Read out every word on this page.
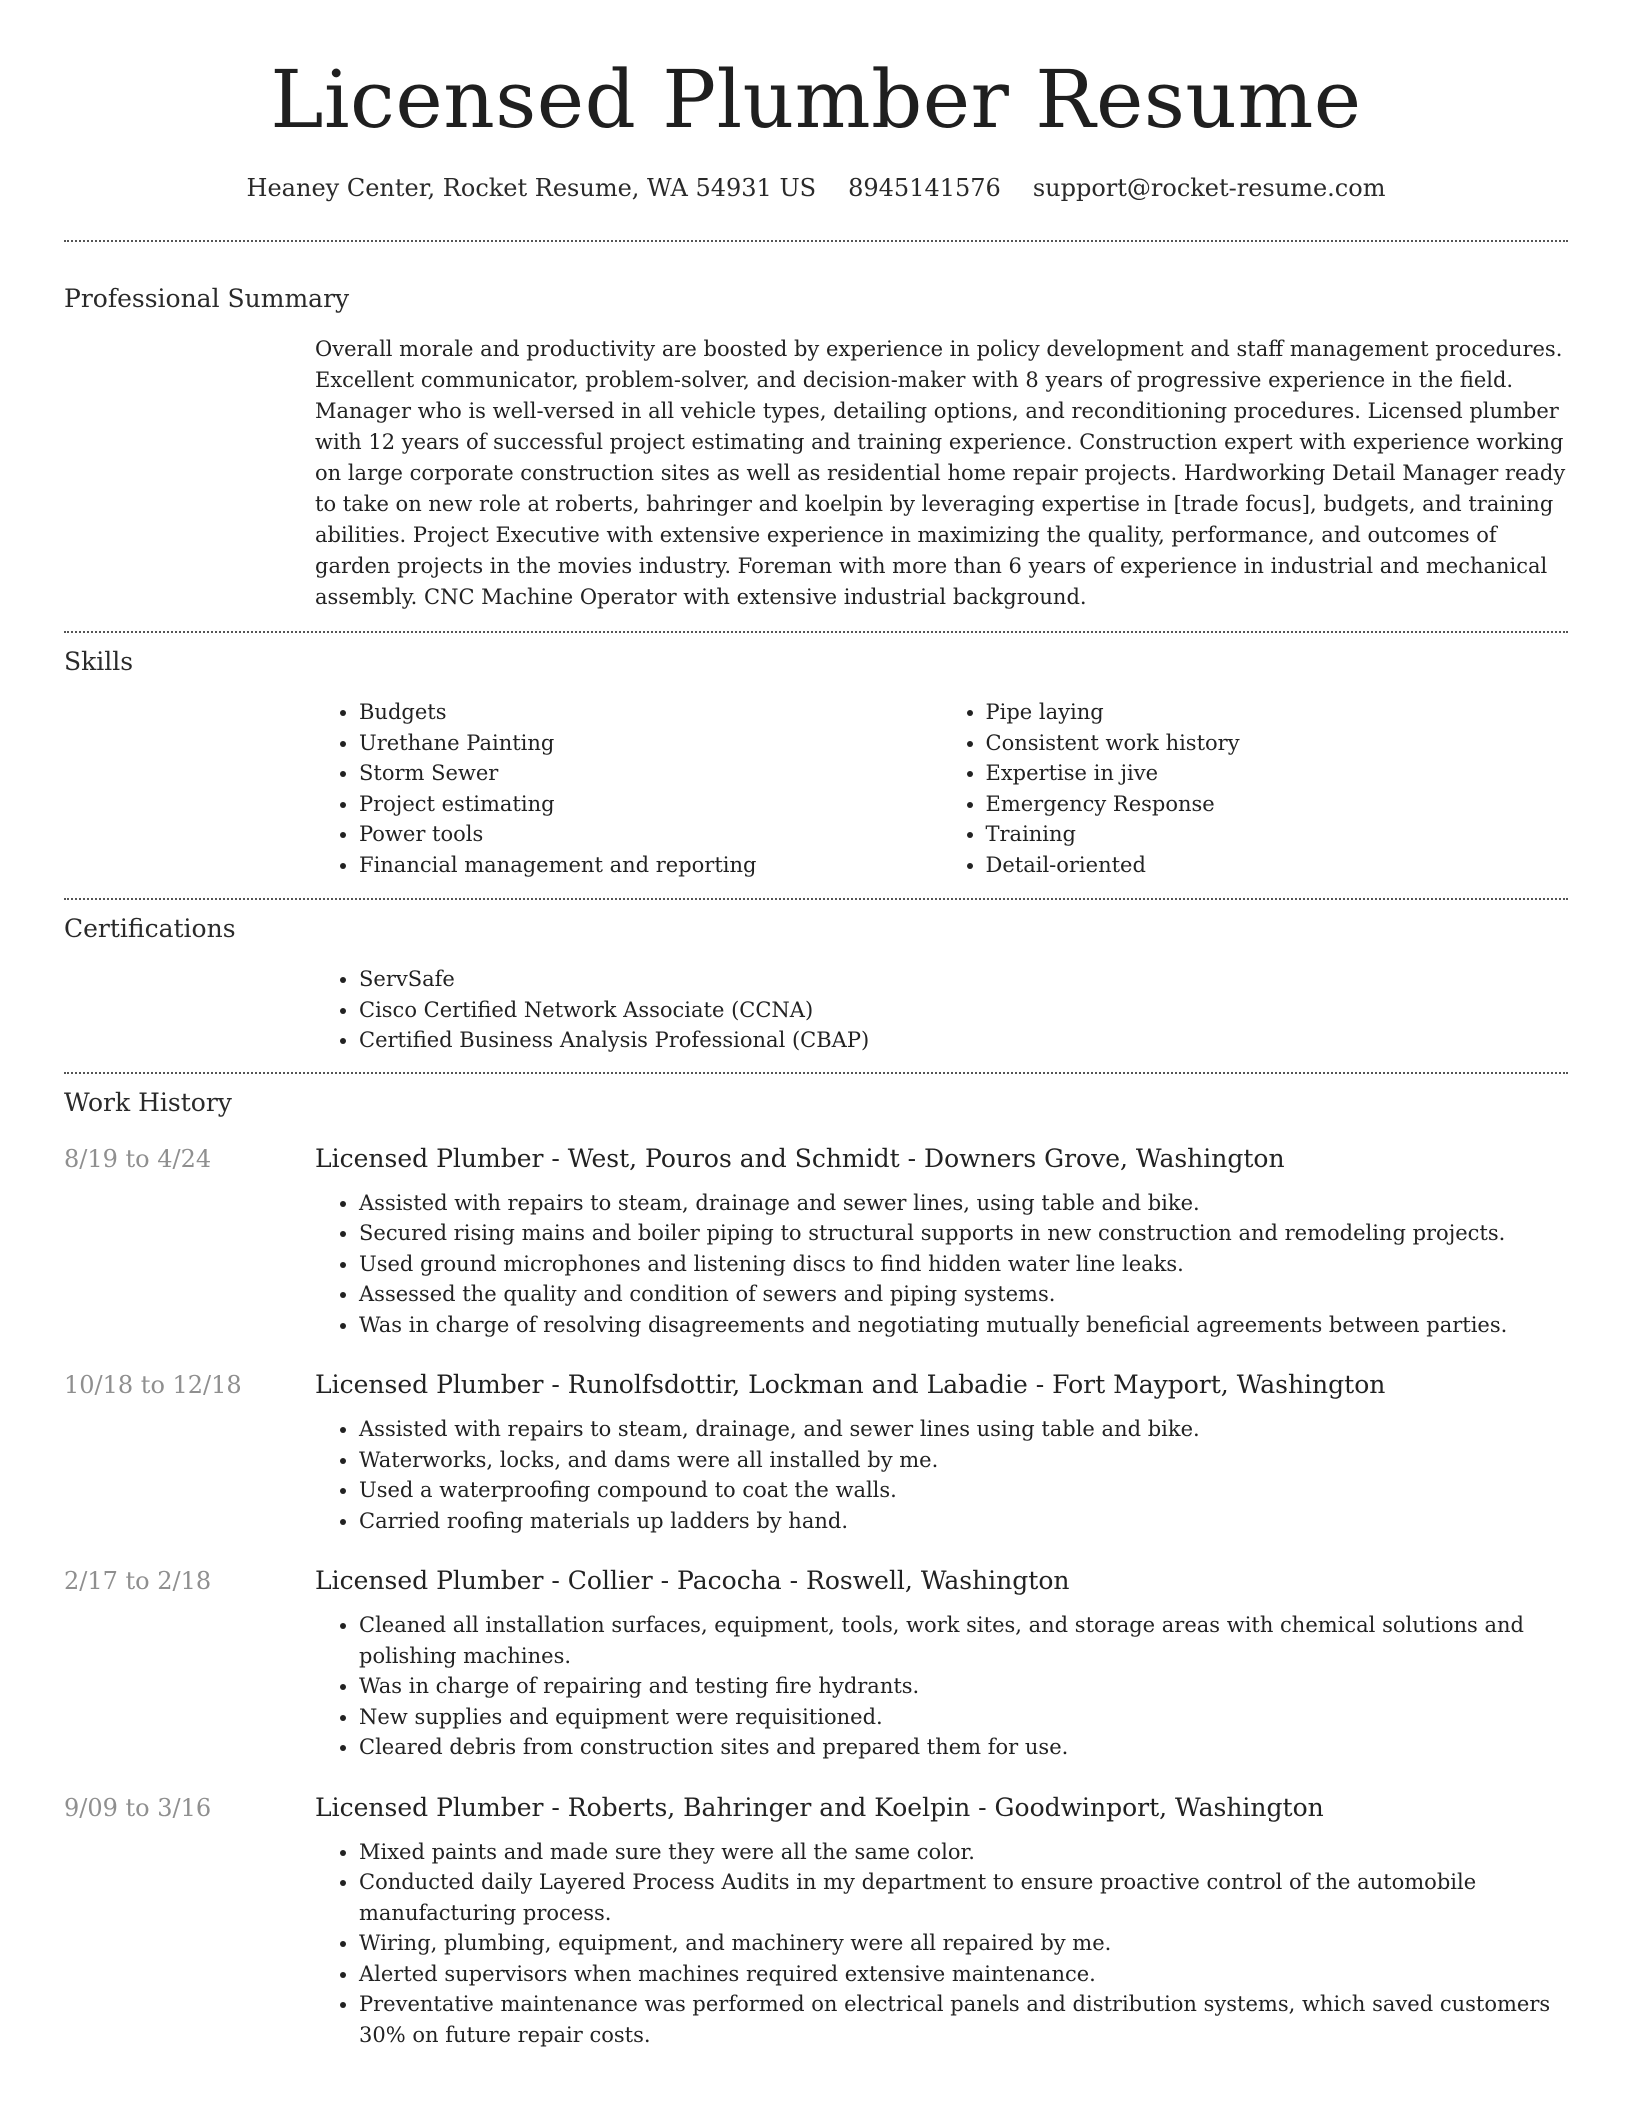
Licensed Plumber Resume
Heaney Center, Rocket Resume, WA 54931 US 8945141576 support@rocket-resume.com
Professional Summary

Overall morale and productivity are boosted by experience in policy development and staff management procedures. Excellent communicator, problem-solver, and decision-maker with 8 years of progressive experience in the field. Manager who is well-versed in all vehicle types, detailing options, and reconditioning procedures. Licensed plumber with 12 years of successful project estimating and training experience. Construction expert with experience working on large corporate construction sites as well as residential home repair projects. Hardworking Detail Manager ready to take on new role at roberts, bahringer and koelpin by leveraging expertise in [trade focus], budgets, and training abilities. Project Executive with extensive experience in maximizing the quality, performance, and outcomes of garden projects in the movies industry. Foreman with more than 6 years of experience in industrial and mechanical assembly. CNC Machine Operator with extensive industrial background.

Skills
• Budgets
• Urethane Painting
• Storm Sewer
• Project estimating
• Power tools
• Financial management and reporting
• Pipe laying
• Consistent work history
• Expertise in jive
• Emergency Response
• Training
• Detail-oriented
Certifications
• ServSafe
• Cisco Certified Network Associate (CCNA)
• Certified Business Analysis Professional (CBAP)
Work History
8/19 to 4/24	Licensed Plumber - West, Pouros and Schmidt - Downers Grove, Washington
• Assisted with repairs to steam, drainage and sewer lines, using table and bike.
• Secured rising mains and boiler piping to structural supports in new construction and remodeling projects.
• Used ground microphones and listening discs to find hidden water line leaks.
• Assessed the quality and condition of sewers and piping systems.
• Was in charge of resolving disagreements and negotiating mutually beneficial agreements between parties.
10/18 to 12/18	Licensed Plumber - Runolfsdottir, Lockman and Labadie - Fort Mayport, Washington
• Assisted with repairs to steam, drainage, and sewer lines using table and bike.
• Waterworks, locks, and dams were all installed by me.
• Used a waterproofing compound to coat the walls.
• Carried roofing materials up ladders by hand.
2/17 to 2/18	Licensed Plumber - Collier - Pacocha - Roswell, Washington
• Cleaned all installation surfaces, equipment, tools, work sites, and storage areas with chemical solutions and polishing machines.
• Was in charge of repairing and testing fire hydrants.
• New supplies and equipment were requisitioned.
• Cleared debris from construction sites and prepared them for use.
9/09 to 3/16	Licensed Plumber - Roberts, Bahringer and Koelpin - Goodwinport, Washington
• Mixed paints and made sure they were all the same color.
• Conducted daily Layered Process Audits in my department to ensure proactive control of the automobile manufacturing process.
• Wiring, plumbing, equipment, and machinery were all repaired by me.
• Alerted supervisors when machines required extensive maintenance.
• Preventative maintenance was performed on electrical panels and distribution systems, which saved customers 30% on future repair costs.
